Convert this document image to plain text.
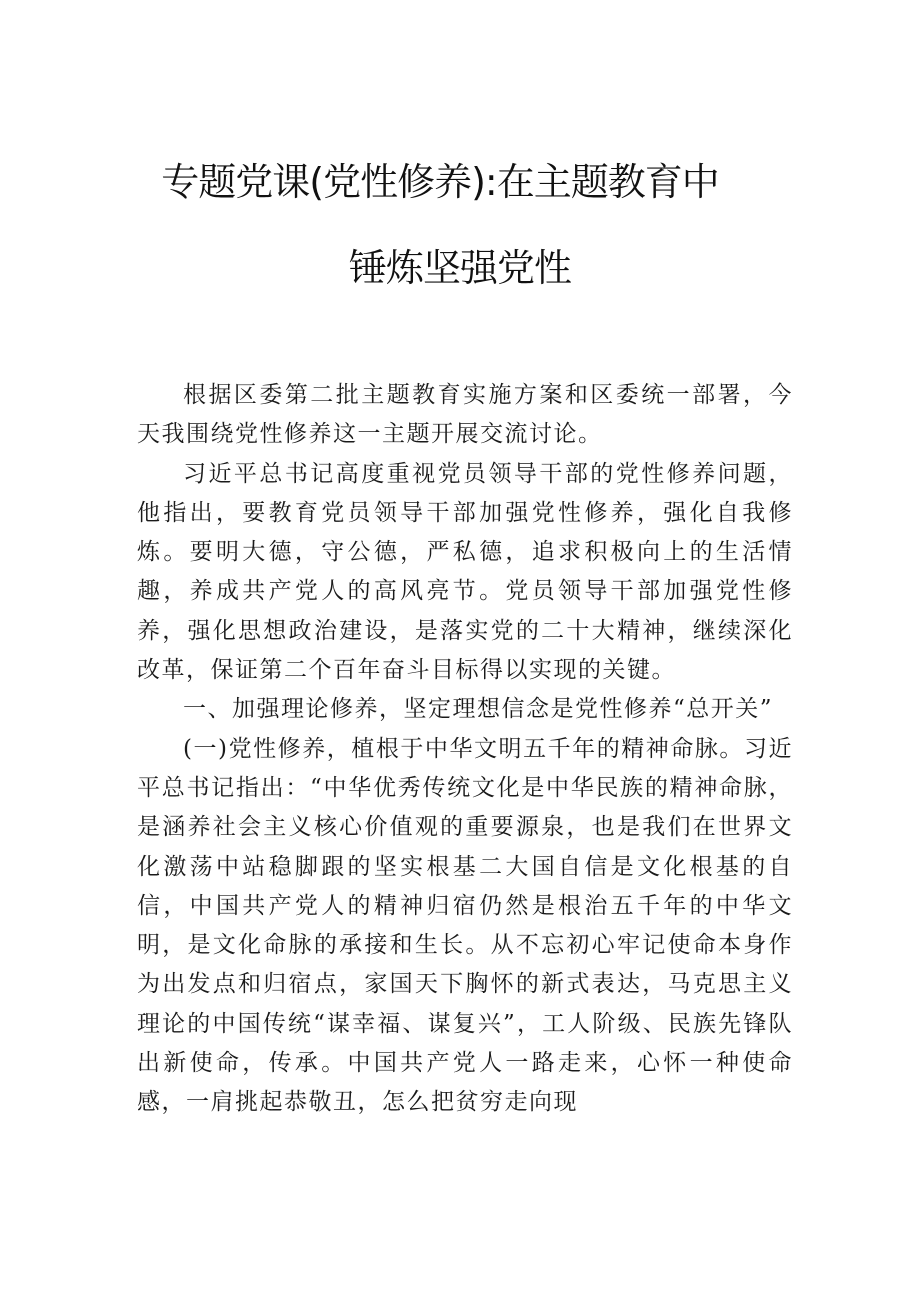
专题党课(党性修养):在主题教育中
锤炼坚强党性

根据区委第二批主题教育实施方案和区委统一部署，今天我围绕党性修养这一主题开展交流讨论。

习近平总书记高度重视党员领导干部的党性修养问题，他指出，要教育党员领导干部加强党性修养，强化自我修炼。要明大德，守公德，严私德，追求积极向上的生活情趣，养成共产党人的高风亮节。党员领导干部加强党性修养，强化思想政治建设，是落实党的二十大精神，继续深化改革，保证第二个百年奋斗目标得以实现的关键。

一、加强理论修养，坚定理想信念是党性修养“总开关”

(一)党性修养，植根于中华文明五千年的精神命脉。习近平总书记指出：“中华优秀传统文化是中华民族的精神命脉，是涵养社会主义核心价值观的重要源泉，也是我们在世界文化激荡中站稳脚跟的坚实根基二大国自信是文化根基的自信，中国共产党人的精神归宿仍然是根治五千年的中华文明，是文化命脉的承接和生长。从不忘初心牢记使命本身作为出发点和归宿点，家国天下胸怀的新式表达，马克思主义理论的中国传统“谋幸福、谋复兴”，工人阶级、民族先锋队出新使命，传承。中国共产党人一路走来，心怀一种使命感，一肩挑起恭敬丑，怎么把贫穷走向现
